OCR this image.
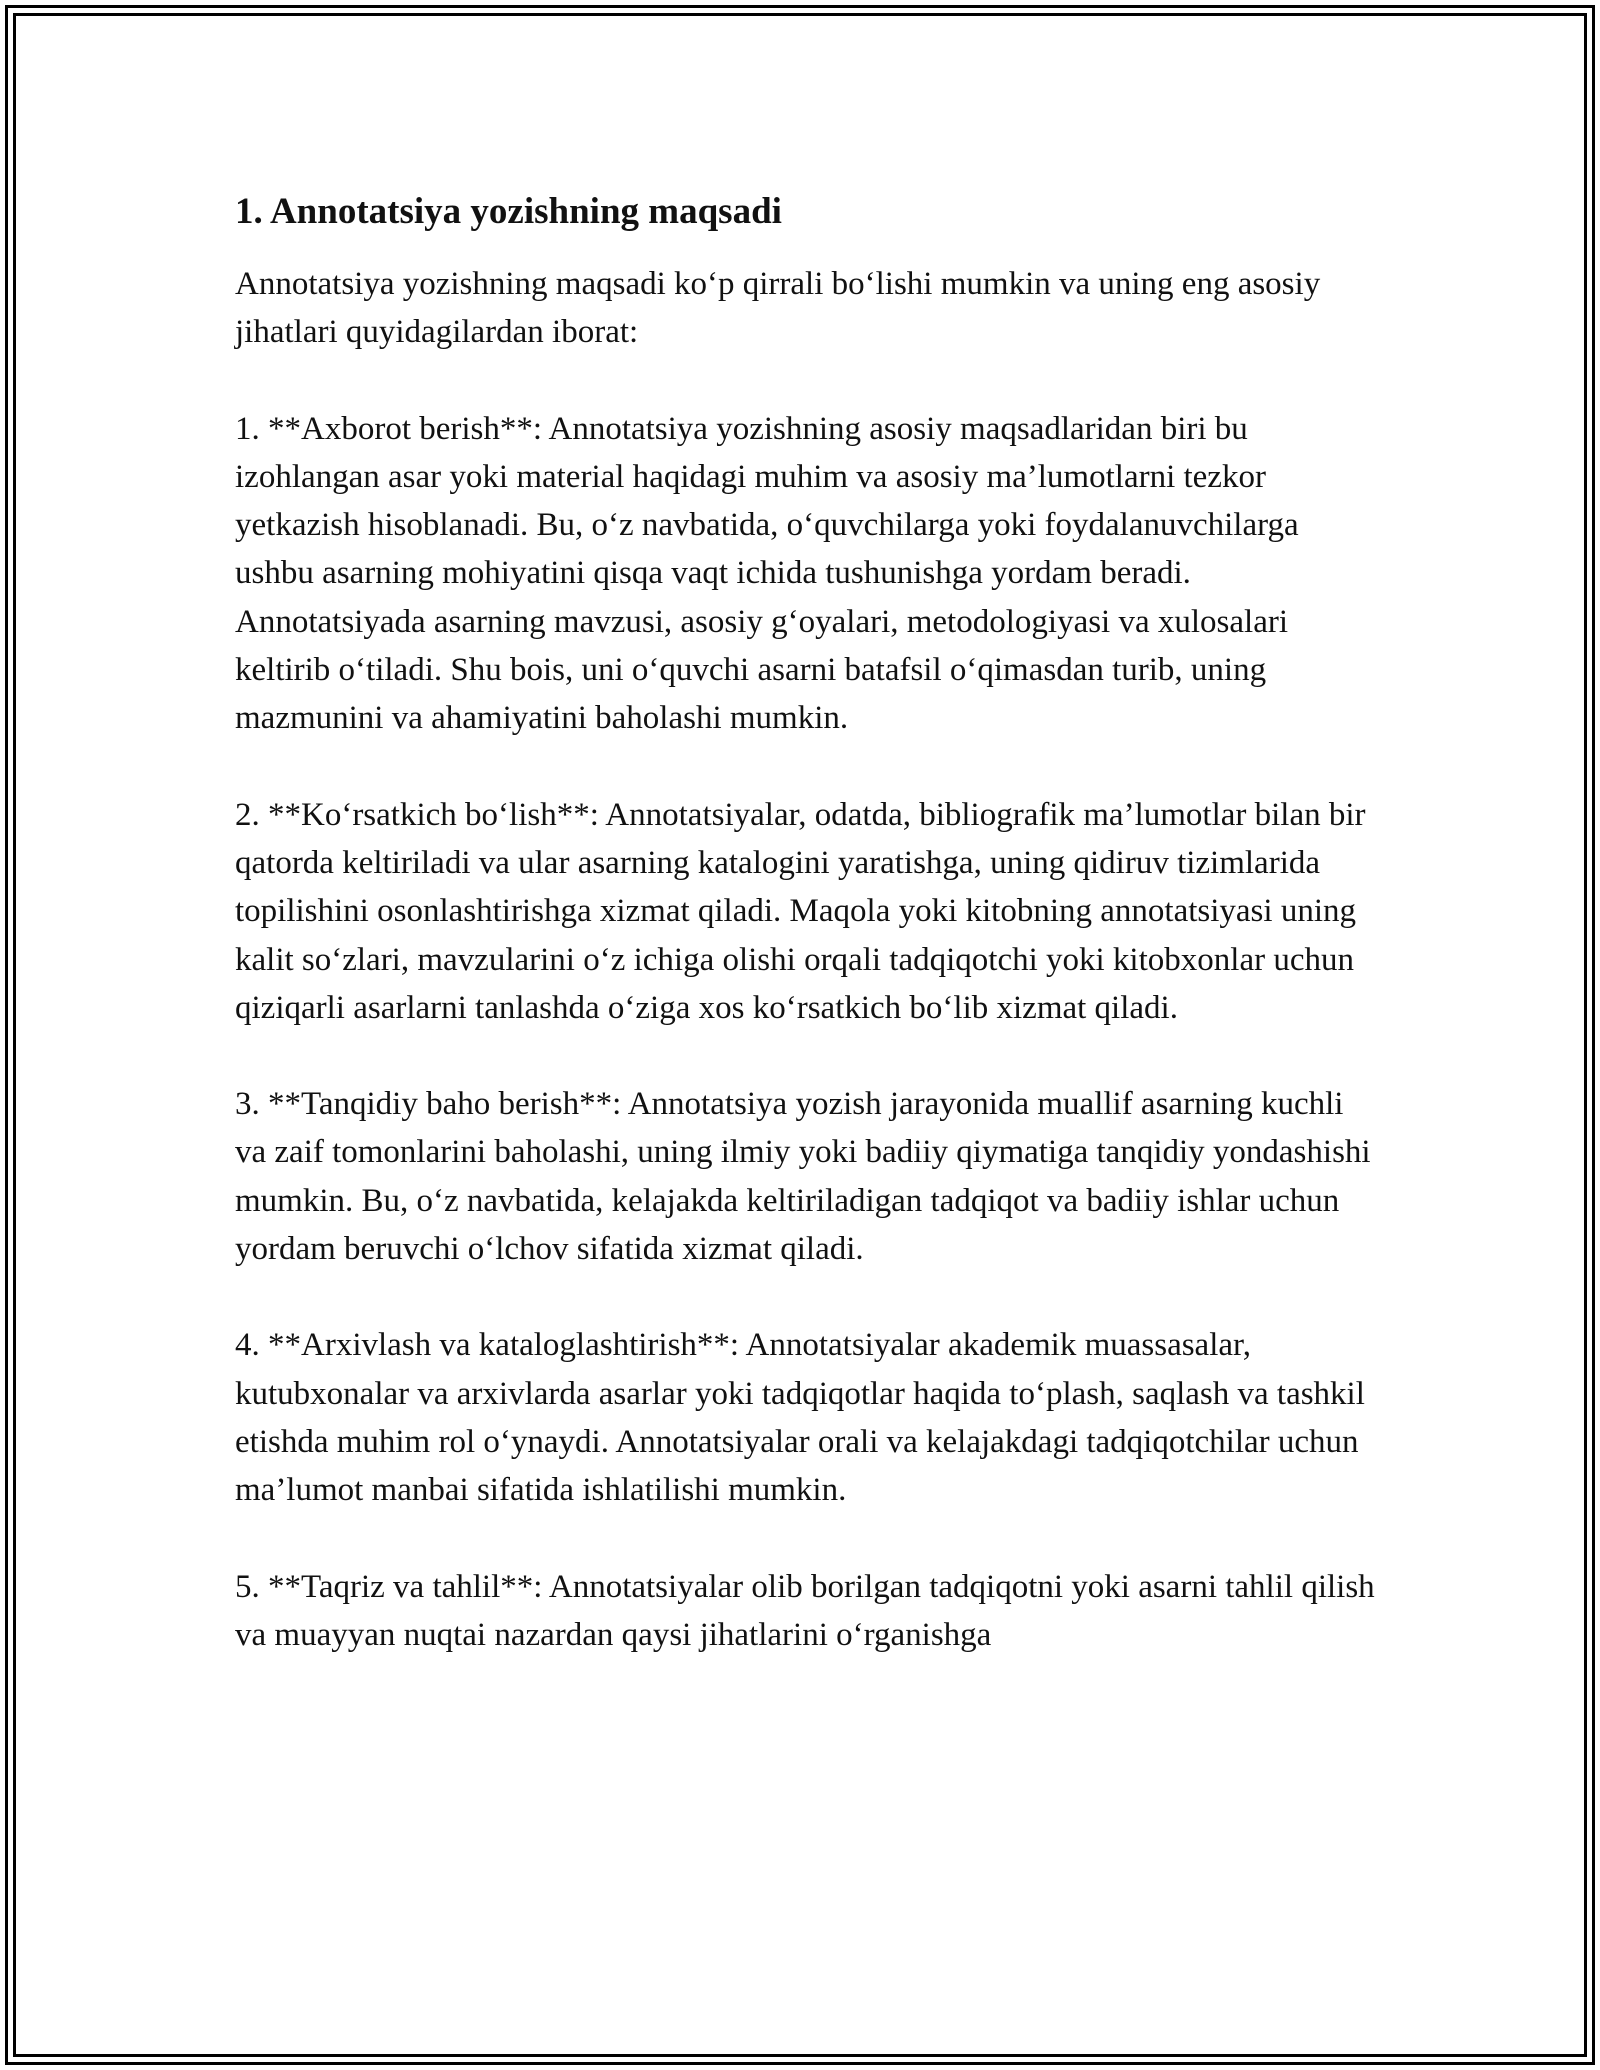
1. Annotatsiya yozishning maqsadi

Annotatsiya yozishning maqsadi ko‘p qirrali bo‘lishi mumkin va uning eng asosiy jihatlari quyidagilardan iborat:

1. **Axborot berish**: Annotatsiya yozishning asosiy maqsadlaridan biri bu izohlangan asar yoki material haqidagi muhim va asosiy ma’lumotlarni tezkor yetkazish hisoblanadi. Bu, o‘z navbatida, o‘quvchilarga yoki foydalanuvchilarga ushbu asarning mohiyatini qisqa vaqt ichida tushunishga yordam beradi. Annotatsiyada asarning mavzusi, asosiy g‘oyalari, metodologiyasi va xulosalari keltirib o‘tiladi. Shu bois, uni o‘quvchi asarni batafsil o‘qimasdan turib, uning mazmunini va ahamiyatini baholashi mumkin.

2. **Ko‘rsatkich bo‘lish**: Annotatsiyalar, odatda, bibliografik ma’lumotlar bilan bir qatorda keltiriladi va ular asarning katalogini yaratishga, uning qidiruv tizimlarida topilishini osonlashtirishga xizmat qiladi. Maqola yoki kitobning annotatsiyasi uning kalit so‘zlari, mavzularini o‘z ichiga olishi orqali tadqiqotchi yoki kitobxonlar uchun qiziqarli asarlarni tanlashda o‘ziga xos ko‘rsatkich bo‘lib xizmat qiladi.

3. **Tanqidiy baho berish**: Annotatsiya yozish jarayonida muallif asarning kuchli va zaif tomonlarini baholashi, uning ilmiy yoki badiiy qiymatiga tanqidiy yondashishi mumkin. Bu, o‘z navbatida, kelajakda keltiriladigan tadqiqot va badiiy ishlar uchun yordam beruvchi o‘lchov sifatida xizmat qiladi.

4. **Arxivlash va kataloglashtirish**: Annotatsiyalar akademik muassasalar, kutubxonalar va arxivlarda asarlar yoki tadqiqotlar haqida to‘plash, saqlash va tashkil etishda muhim rol o‘ynaydi. Annotatsiyalar orali va kelajakdagi tadqiqotchilar uchun ma’lumot manbai sifatida ishlatilishi mumkin.

5. **Taqriz va tahlil**: Annotatsiyalar olib borilgan tadqiqotni yoki asarni tahlil qilish va muayyan nuqtai nazardan qaysi jihatlarini o‘rganishga
